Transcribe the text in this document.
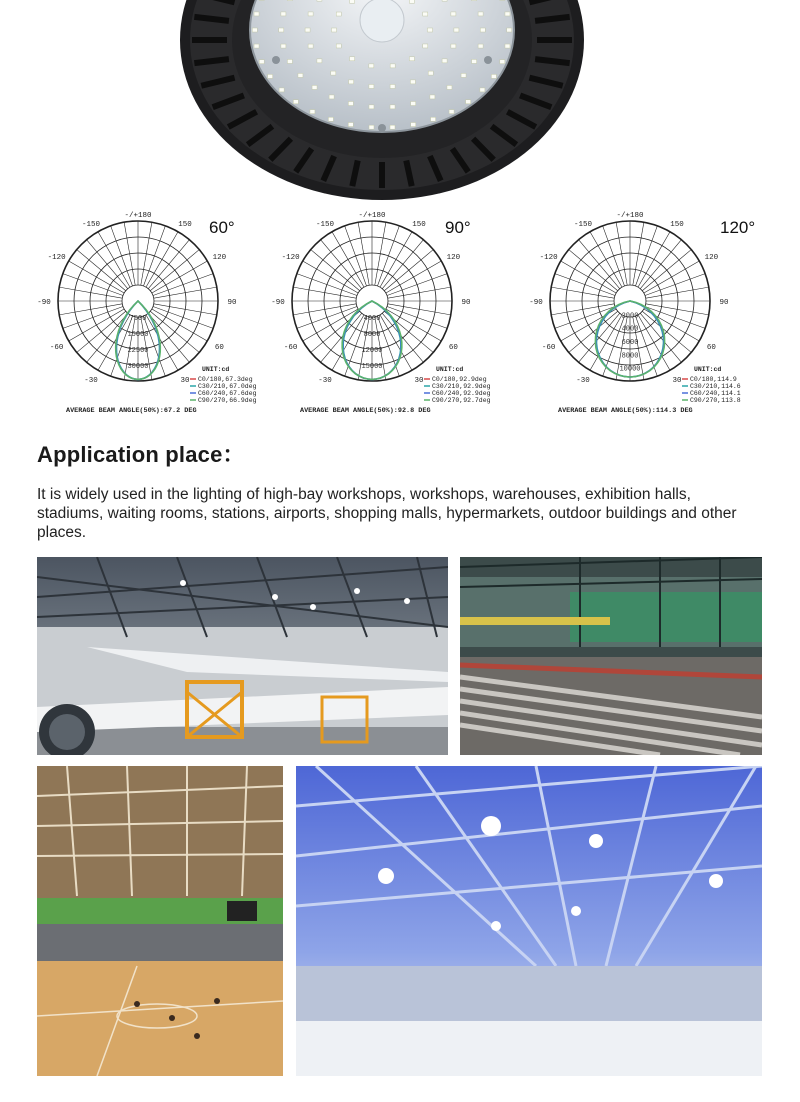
-150	150
-120	120
-90	90
-60	60
-30	30
-/+180
7500
15000
22500
30000	UNIT:cd
C0/180,67.3deg
C30/210,67.0deg
C60/240,67.6deg
C90/270,66.9deg
AVERAGE BEAM ANGLE(50%):67.2 DEG
60°	-150	150
-120	120
-90	90
-60	60
-30	30
-/+180
4000
8000
12000
15000	UNIT:cd
C0/180,92.9deg
C30/210,92.9deg
C60/240,92.9deg
C90/270,92.7deg
AVERAGE BEAM ANGLE(50%):92.8 DEG
90°	-150	150
-120	120
-90	90
-60	60
-30	30
-/+180
2000
4000
6000
8000
10000	UNIT:cd
C0/180,114.9
C30/210,114.6
C60/240,114.1
C90/270,113.8
AVERAGE BEAM ANGLE(50%):114.3 DEG
120°
Application place：
It is widely used in the lighting of high-bay workshops, workshops, warehouses, exhibition halls, stadiums, waiting rooms, stations, airports, shopping malls, hypermarkets, outdoor buildings and other places.
